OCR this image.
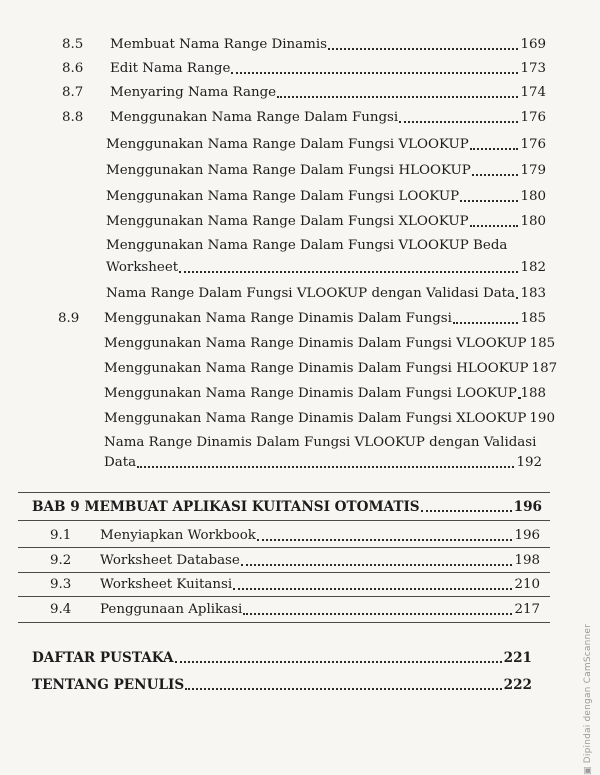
8.5 Membuat Nama Range Dinamis	169
8.6 Edit Nama Range	173
8.7 Menyaring Nama Range	174
8.8 Menggunakan Nama Range Dalam Fungsi	176
Menggunakan Nama Range Dalam Fungsi VLOOKUP	176
Menggunakan Nama Range Dalam Fungsi HLOOKUP	179
Menggunakan Nama Range Dalam Fungsi LOOKUP	180
Menggunakan Nama Range Dalam Fungsi XLOOKUP	180
Menggunakan Nama Range Dalam Fungsi VLOOKUP Beda
Worksheet	182
Nama Range Dalam Fungsi VLOOKUP dengan Validasi Data 183
8.9 Menggunakan Nama Range Dinamis Dalam Fungsi	185
Menggunakan Nama Range Dinamis Dalam Fungsi VLOOKUP 185
Menggunakan Nama Range Dinamis Dalam Fungsi HLOOKUP 187
Menggunakan Nama Range Dinamis Dalam Fungsi LOOKUP 188
Menggunakan Nama Range Dinamis Dalam Fungsi XLOOKUP 190
Nama Range Dinamis Dalam Fungsi VLOOKUP dengan Validasi
Data	192
BAB 9 MEMBUAT APLIKASI KUITANSI OTOMATIS	196
9.1 Menyiapkan Workbook	196
9.2 Worksheet Database	198
9.3 Worksheet Kuitansi	210
9.4 Penggunaan Aplikasi	217
DAFTAR PUSTAKA	221
TENTANG PENULIS	222
▣ Dipindai dengan CamScanner
